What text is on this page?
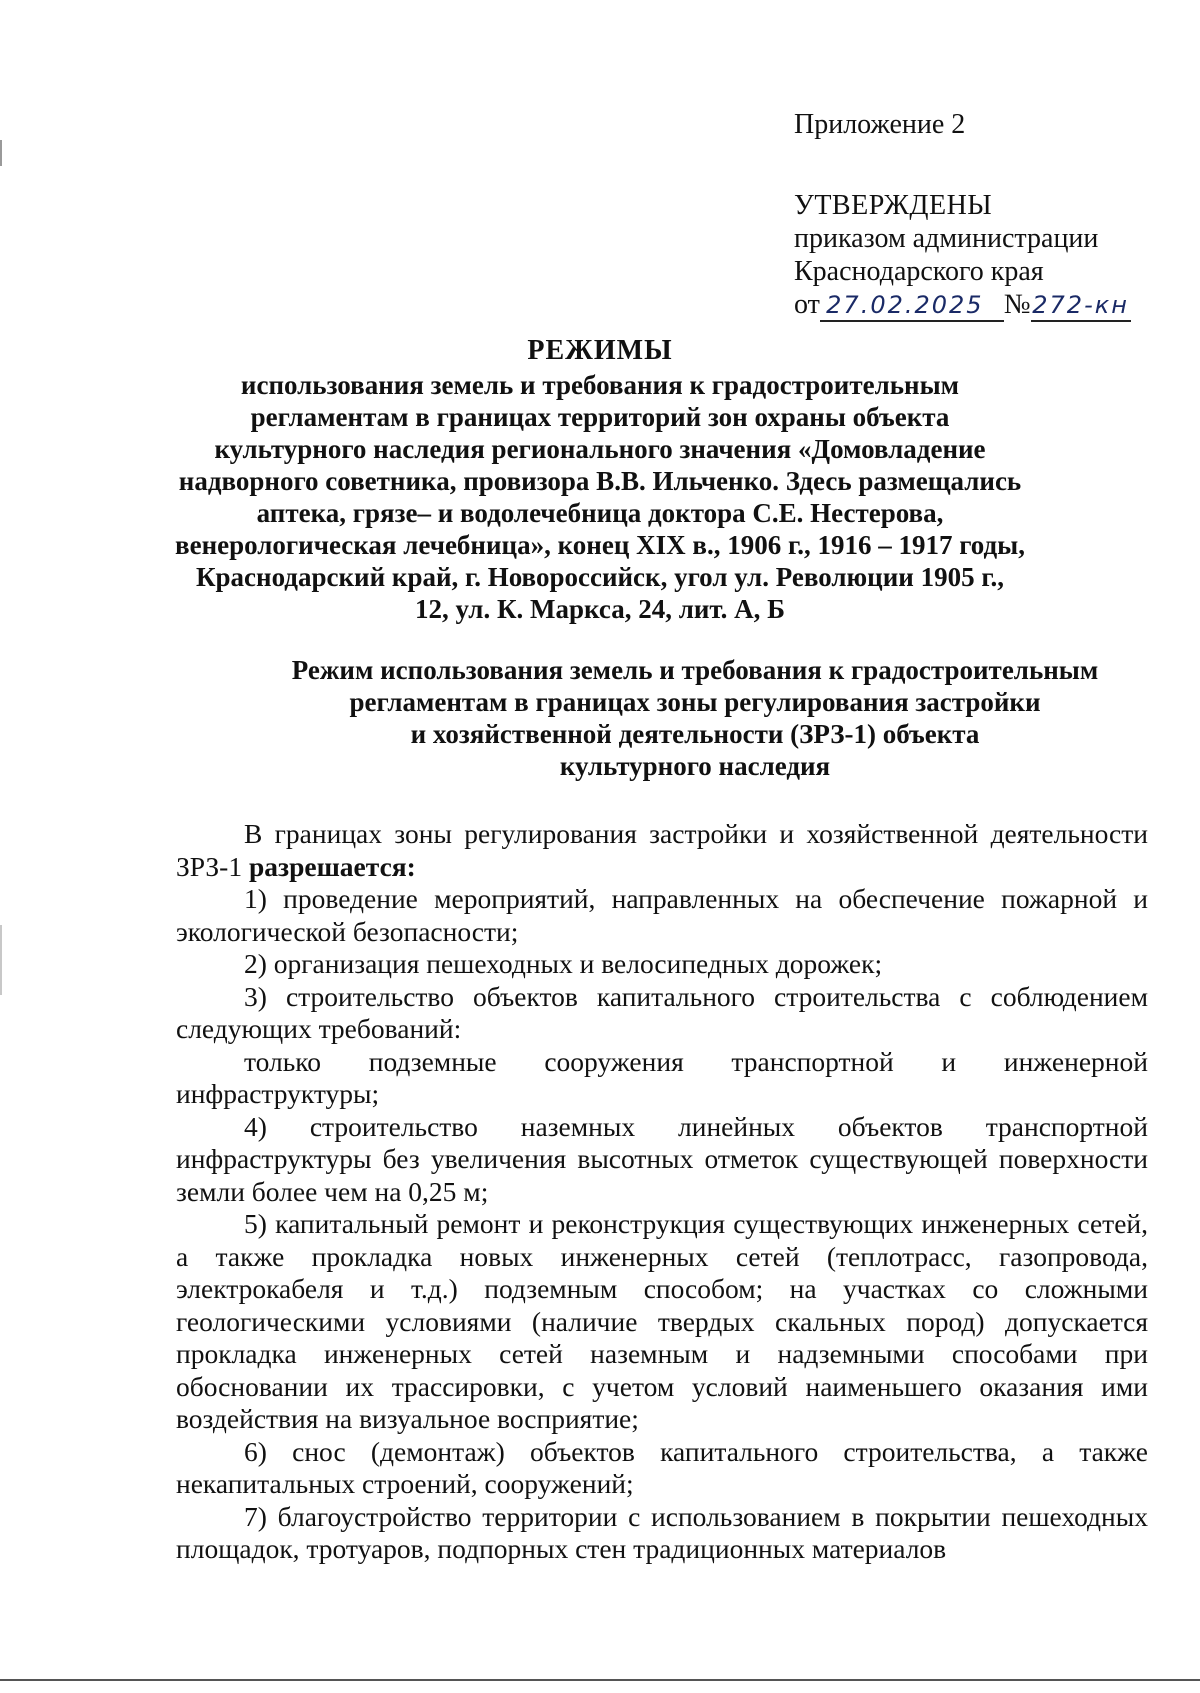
Приложение 2
УТВЕРЖДЕНЫ
приказом администрации
Краснодарского края
от 27.02.2025 №272-кн
РЕЖИМЫ
использования земель и требования к градостроительным
регламентам в границах территорий зон охраны объекта
культурного наследия регионального значения «Домовладение
надворного советника, провизора В.В. Ильченко. Здесь размещались
аптека, грязе– и водолечебница доктора С.Е. Нестерова,
венерологическая лечебница», конец XIX в., 1906 г., 1916 – 1917 годы,
Краснодарский край, г. Новороссийск, угол ул. Революции 1905 г.,
12, ул. К. Маркса, 24, лит. А, Б
Режим использования земель и требования к градостроительным
регламентам в границах зоны регулирования застройки
и хозяйственной деятельности (ЗРЗ-1) объекта
культурного наследия

В границах зоны регулирования застройки и хозяйственной деятельности ЗРЗ-1 разрешается:

1) проведение мероприятий, направленных на обеспечение пожарной и экологической безопасности;

2) организация пешеходных и велосипедных дорожек;

3) строительство объектов капитального строительства с соблюдением следующих требований:

только подземные сооружения транспортной и инженерной инфраструктуры;

4) строительство наземных линейных объектов транспортной инфраструктуры без увеличения высотных отметок существующей поверхности земли более чем на 0,25 м;

5) капитальный ремонт и реконструкция существующих инженерных сетей, а также прокладка новых инженерных сетей (теплотрасс, газопровода, электрокабеля и т.д.) подземным способом; на участках со сложными геологическими условиями (наличие твердых скальных пород) допускается прокладка инженерных сетей наземным и надземными способами при обосновании их трассировки, с учетом условий наименьшего оказания ими воздействия на визуальное восприятие;

6) снос (демонтаж) объектов капитального строительства, а также некапитальных строений, сооружений;

7) благоустройство территории с использованием в покрытии пешеходных площадок, тротуаров, подпорных стен традиционных материалов
